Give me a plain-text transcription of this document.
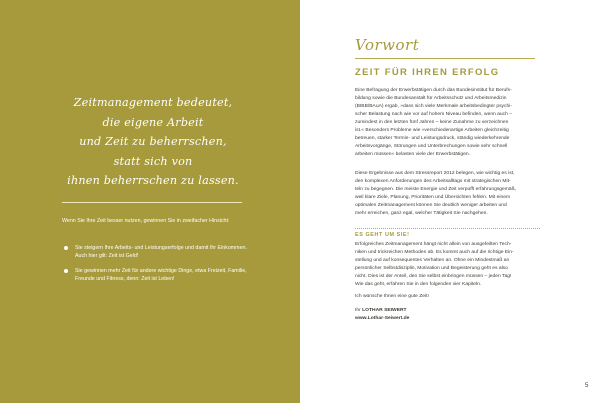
Zeitmanagement bedeutet,
die eigene Arbeit
und Zeit zu beherrschen,
statt sich von
ihnen beherrschen zu lassen.
Wenn Sie Ihre Zeit besser nutzen, gewinnen Sie in zweifacher Hinsicht:
Sie steigern Ihre Arbeits- und Leistungserfolge und damit Ihr Einkommen. Auch hier gilt: Zeit ist Geld!
Sie gewinnen mehr Zeit für andere wichtige Dinge, etwa Freizeit, Familie, Freunde und Fitness, denn: Zeit ist Leben!
Vorwort
ZEIT FÜR IHREN ERFOLG
Eine Befragung der Erwerbstätigen durch das Bundesinstitut für Berufs-
bildung sowie die Bundesanstalt für Arbeitsschutz und Arbeitsmedizin
(BIBB/BAuA) ergab, »dass sich viele Merkmale arbeitsbedingter psychi-
scher Belastung nach wie vor auf hohem Niveau befinden, wenn auch –
zumindest in den letzten fünf Jahren – keine Zunahme zu verzeichnen
ist.« Besonders Probleme wie »verschiedenartige Arbeiten gleichzeitig
betreuen, starker Termin- und Leistungsdruck, ständig wiederkehrende
Arbeitsvorgänge, Störungen und Unterbrechungen sowie sehr schnell
arbeiten müssen« belasten viele der Erwerbstätigen.
Diese Ergebnisse aus dem Stressreport 2012 belegen, wie wichtig es ist,
den komplexen Anforderungen des Arbeitsalltags mit strategischen Mit-
teln zu begegnen. Die meiste Energie und Zeit verpufft erfahrungsgemäß,
weil klare Ziele, Planung, Prioritäten und Übersichten fehlen. Mit einem
optimalen Zeitmanagement können Sie deutlich weniger arbeiten und
mehr erreichen, ganz egal, welcher Tätigkeit Sie nachgehen.
ES GEHT UM SIE!
Erfolgreiches Zeitmanagement hängt nicht allein von ausgefeilten Tech-
niken und trickreichen Methoden ab. Es kommt auch auf die richtige Ein-
stellung und auf konsequentes Verhalten an. Ohne ein Mindestmaß an
persönlicher Selbstdisziplin, Motivation und Begeisterung geht es also
nicht. Dies ist der Anteil, den Sie selbst einbringen müssen – jeden Tag!
Wie das geht, erfahren Sie in den folgenden vier Kapiteln.
Ich wünsche Ihnen eine gute Zeit!
Ihr LOTHAR SEIWERT
www.Lothar-Seiwert.de
5
